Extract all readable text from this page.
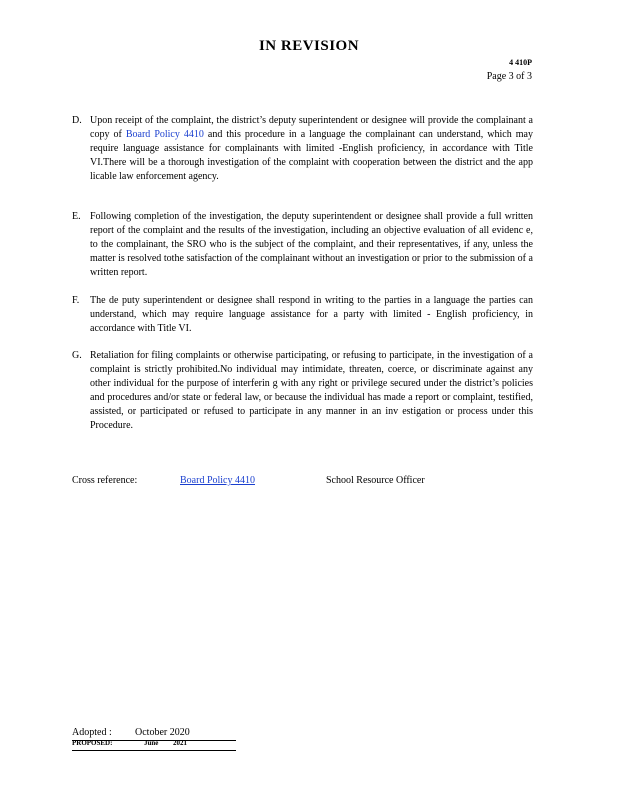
IN REVISION
4 410P
Page 3 of 3
D. Upon receipt of the complaint, the district’s deputy superintendent or designee will provide the complainant a copy of Board Policy 4410 and this procedure in a language the complainant can understand, which may require language assistance for complainants with limited -English proficiency, in accordance with Title VI.There will be a thorough investigation of the complaint with cooperation between the district and the app licable law enforcement agency.
E. Following completion of the investigation, the deputy superintendent or designee shall provide a full written report of the complaint and the results of the investigation, including an objective evaluation of all evidenc e, to the complainant, the SRO who is the subject of the complaint, and their representatives, if any, unless the matter is resolved tothe satisfaction of the complainant without an investigation or prior to the submission of a written report.
F.	The de puty superintendent or designee shall respond in writing to the parties in a language the parties can understand, which may require language assistance for a party with limited - English proficiency, in accordance with Title VI.
G. Retaliation for filing complaints or otherwise participating, or refusing to participate, in the investigation of a complaint is strictly prohibited.No individual may intimidate, threaten, coerce, or discriminate against any other individual for the purpose of interferin g with any right or privilege secured under the district’s policies and procedures and/or state or federal law, or because the individual has made a report or complaint, testified, assisted, or participated or refused to participate in any manner in an inv estigation or process under this Procedure.
Cross reference:	Board Policy 4410	School Resource Officer
Adopted : October 2020
PROPOSED:	June 2021
